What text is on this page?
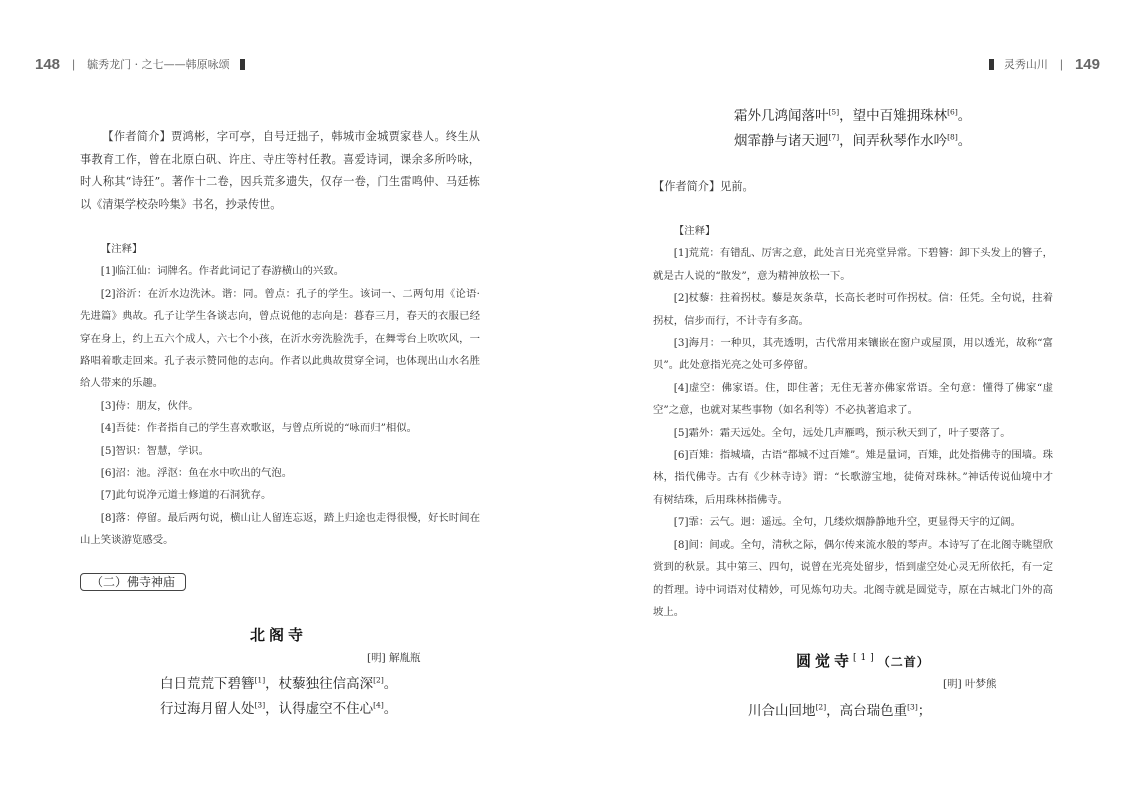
148 | 毓秀龙门 · 之七——韩原咏颂

【作者简介】贾鸿彬，字可亭，自号迂拙子，韩城市金城贾家巷人。终生从事教育工作，曾在北原白矾、许庄、寺庄等村任教。喜爱诗词，课余多所吟咏，时人称其“诗狂”。著作十二卷，因兵荒多遗失，仅存一卷，门生雷鸣仲、马廷栋以《清渠学校杂吟集》书名，抄录传世。

【注释】

[1]临江仙：词牌名。作者此词记了春游横山的兴致。

[2]浴沂：在沂水边洗沐。谐：同。曾点：孔子的学生。该词一、二两句用《论语·先进篇》典故。孔子让学生各谈志向，曾点说他的志向是：暮春三月，春天的衣服已经穿在身上，约上五六个成人，六七个小孩，在沂水旁洗脸洗手，在舞雩台上吹吹风，一路唱着歌走回来。孔子表示赞同他的志向。作者以此典故贯穿全词，也体现出山水名胜给人带来的乐趣。

[3]侍：朋友，伙伴。

[4]吾徒：作者指自己的学生喜欢歌讴，与曾点所说的“咏而归”相似。

[5]智识：智慧，学识。

[6]沼：池。浮沤：鱼在水中吹出的气泡。

[7]此句说净元道士修道的石洞犹存。

[8]落：停留。最后两句说，横山让人留连忘返，踏上归途也走得很慢，好长时间在山上笑谈游览感受。

（二）佛寺神庙
北阁寺
[明] 解胤瓶
白日荒荒下碧簪[1]，杖藜独往信高深[2]。
行过海月留人处[3]，认得虚空不住心[4]。
灵秀山川 | 149
霜外几鸿闻落叶[5]，望中百雉拥珠林[6]。
烟霏静与诸天迥[7]，间弄秋琴作水吟[8]。
【作者简介】见前。

【注释】

[1]荒荒：有错乱、厉害之意，此处言日光亮堂异常。下碧簪：卸下头发上的簪子，就是古人说的“散发”，意为精神放松一下。

[2]杖藜：拄着拐杖。藜是灰条草，长高长老时可作拐杖。信：任凭。全句说，拄着拐杖，信步而行，不计寺有多高。

[3]海月：一种贝，其壳透明，古代常用来镶嵌在窗户或屋顶，用以透光，故称“富贝”。此处意指光亮之处可多停留。

[4]虚空：佛家语。住，即住著；无住无著亦佛家常语。全句意：懂得了佛家“虚空”之意，也就对某些事物（如名利等）不必执著追求了。

[5]霜外：霜天远处。全句，远处几声雁鸣，预示秋天到了，叶子要落了。

[6]百雉：指城墙，古语“都城不过百雉”。雉是量词，百雉，此处指佛寺的围墙。珠林，指代佛寺。古有《少林寺诗》谓：“长歌游宝地，徒倚对珠林。”神话传说仙境中才有树结珠，后用珠林指佛寺。

[7]霏：云气。迥：遥远。全句，几缕炊烟静静地升空，更显得天宇的辽阔。

[8]间：间或。全句，清秋之际，偶尔传来流水般的琴声。本诗写了在北阁寺眺望欣赏到的秋景。其中第三、四句，说曾在光亮处留步，悟到虚空处心灵无所依托，有一定的哲理。诗中词语对仗精妙，可见炼句功夫。北阁寺就是圆觉寺，原在古城北门外的高坡上。

圆觉寺[1]（二首）
[明] 叶梦熊
川合山回地[2]，高台瑞色重[3]；
